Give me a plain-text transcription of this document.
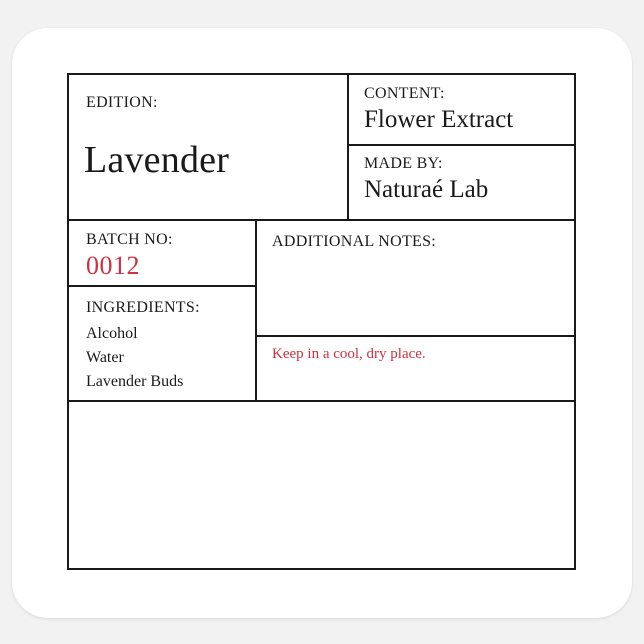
EDITION:
Lavender
CONTENT:
Flower Extract
MADE BY:
Naturaé Lab
BATCH NO:
0012
ADDITIONAL NOTES:
INGREDIENTS:
Alcohol
Water
Lavender Buds
Keep in a cool, dry place.
